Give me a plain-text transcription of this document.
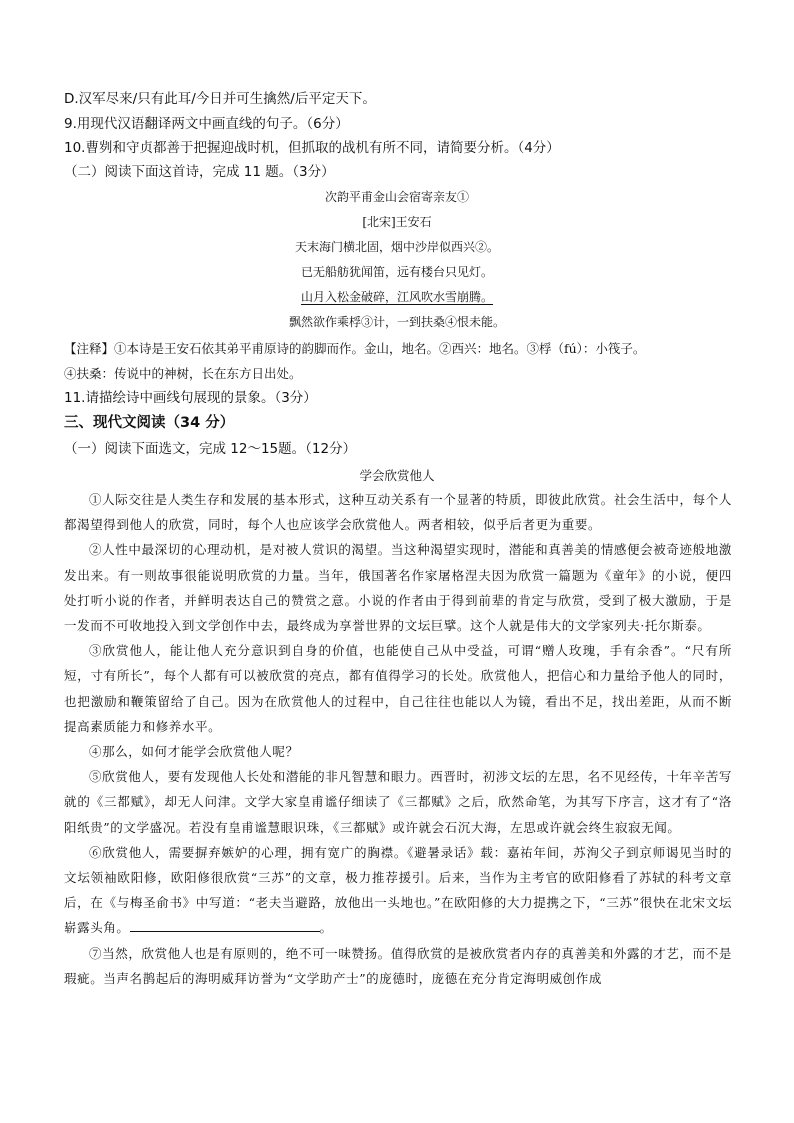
D.汉军尽来/只有此耳/今日并可生擒然/后平定天下。
9.用现代汉语翻译两文中画直线的句子。（6分）
10.曹刿和守贞都善于把握迎战时机，但抓取的战机有所不同，请简要分析。（4分）
（二）阅读下面这首诗，完成 11 题。（3分）
次韵平甫金山会宿寄亲友①
[北宋]王安石
天末海门横北固，烟中沙岸似西兴②。
已无船舫犹闻笛，远有楼台只见灯。
山月入松金破碎，江风吹水雪崩腾。
飘然欲作乘桴③计，一到扶桑④恨未能。
【注释】①本诗是王安石依其弟平甫原诗的韵脚而作。金山，地名。②西兴：地名。③桴（fú）：小筏子。
④扶桑：传说中的神树，长在东方日出处。
11.请描绘诗中画线句展现的景象。（3分）
三、现代文阅读（34 分）
（一）阅读下面选文，完成 12～15题。（12分）
学会欣赏他人

①人际交往是人类生存和发展的基本形式，这种互动关系有一个显著的特质，即彼此欣赏。社会生活中，每个人都渴望得到他人的欣赏，同时，每个人也应该学会欣赏他人。两者相较，似乎后者更为重要。

②人性中最深切的心理动机，是对被人赏识的渴望。当这种渴望实现时，潜能和真善美的情感便会被奇迹般地激发出来。有一则故事很能说明欣赏的力量。当年，俄国著名作家屠格涅夫因为欣赏一篇题为《童年》的小说，便四处打听小说的作者，并鲜明表达自己的赞赏之意。小说的作者由于得到前辈的肯定与欣赏，受到了极大激励，于是一发而不可收地投入到文学创作中去，最终成为享誉世界的文坛巨擘。这个人就是伟大的文学家列夫·托尔斯泰。

③欣赏他人，能让他人充分意识到自身的价值，也能使自己从中受益，可谓“赠人玫瑰，手有余香”。“尺有所短，寸有所长”，每个人都有可以被欣赏的亮点，都有值得学习的长处。欣赏他人，把信心和力量给予他人的同时，也把激励和鞭策留给了自己。因为在欣赏他人的过程中，自己往往也能以人为镜，看出不足，找出差距，从而不断提高素质能力和修养水平。

④那么，如何才能学会欣赏他人呢？

⑤欣赏他人，要有发现他人长处和潜能的非凡智慧和眼力。西晋时，初涉文坛的左思，名不见经传，十年辛苦写就的《三都赋》，却无人问津。文学大家皇甫谧仔细读了《三都赋》之后，欣然命笔，为其写下序言，这才有了“洛阳纸贵”的文学盛况。若没有皇甫谧慧眼识珠，《三都赋》或许就会石沉大海，左思或许就会终生寂寂无闻。

⑥欣赏他人，需要摒弃嫉妒的心理，拥有宽广的胸襟。《避暑录话》载：嘉祐年间，苏洵父子到京师谒见当时的文坛领袖欧阳修，欧阳修很欣赏“三苏”的文章，极力推荐援引。后来，当作为主考官的欧阳修看了苏轼的科考文章后，在《与梅圣俞书》中写道：“老夫当避路，放他出一头地也。”在欧阳修的大力提携之下，“三苏”很快在北宋文坛崭露头角。	。

⑦当然，欣赏他人也是有原则的，绝不可一味赞扬。值得欣赏的是被欣赏者内存的真善美和外露的才艺，而不是瑕疵。当声名鹊起后的海明威拜访誉为“文学助产士”的庞德时，庞德在充分肯定海明威创作成
